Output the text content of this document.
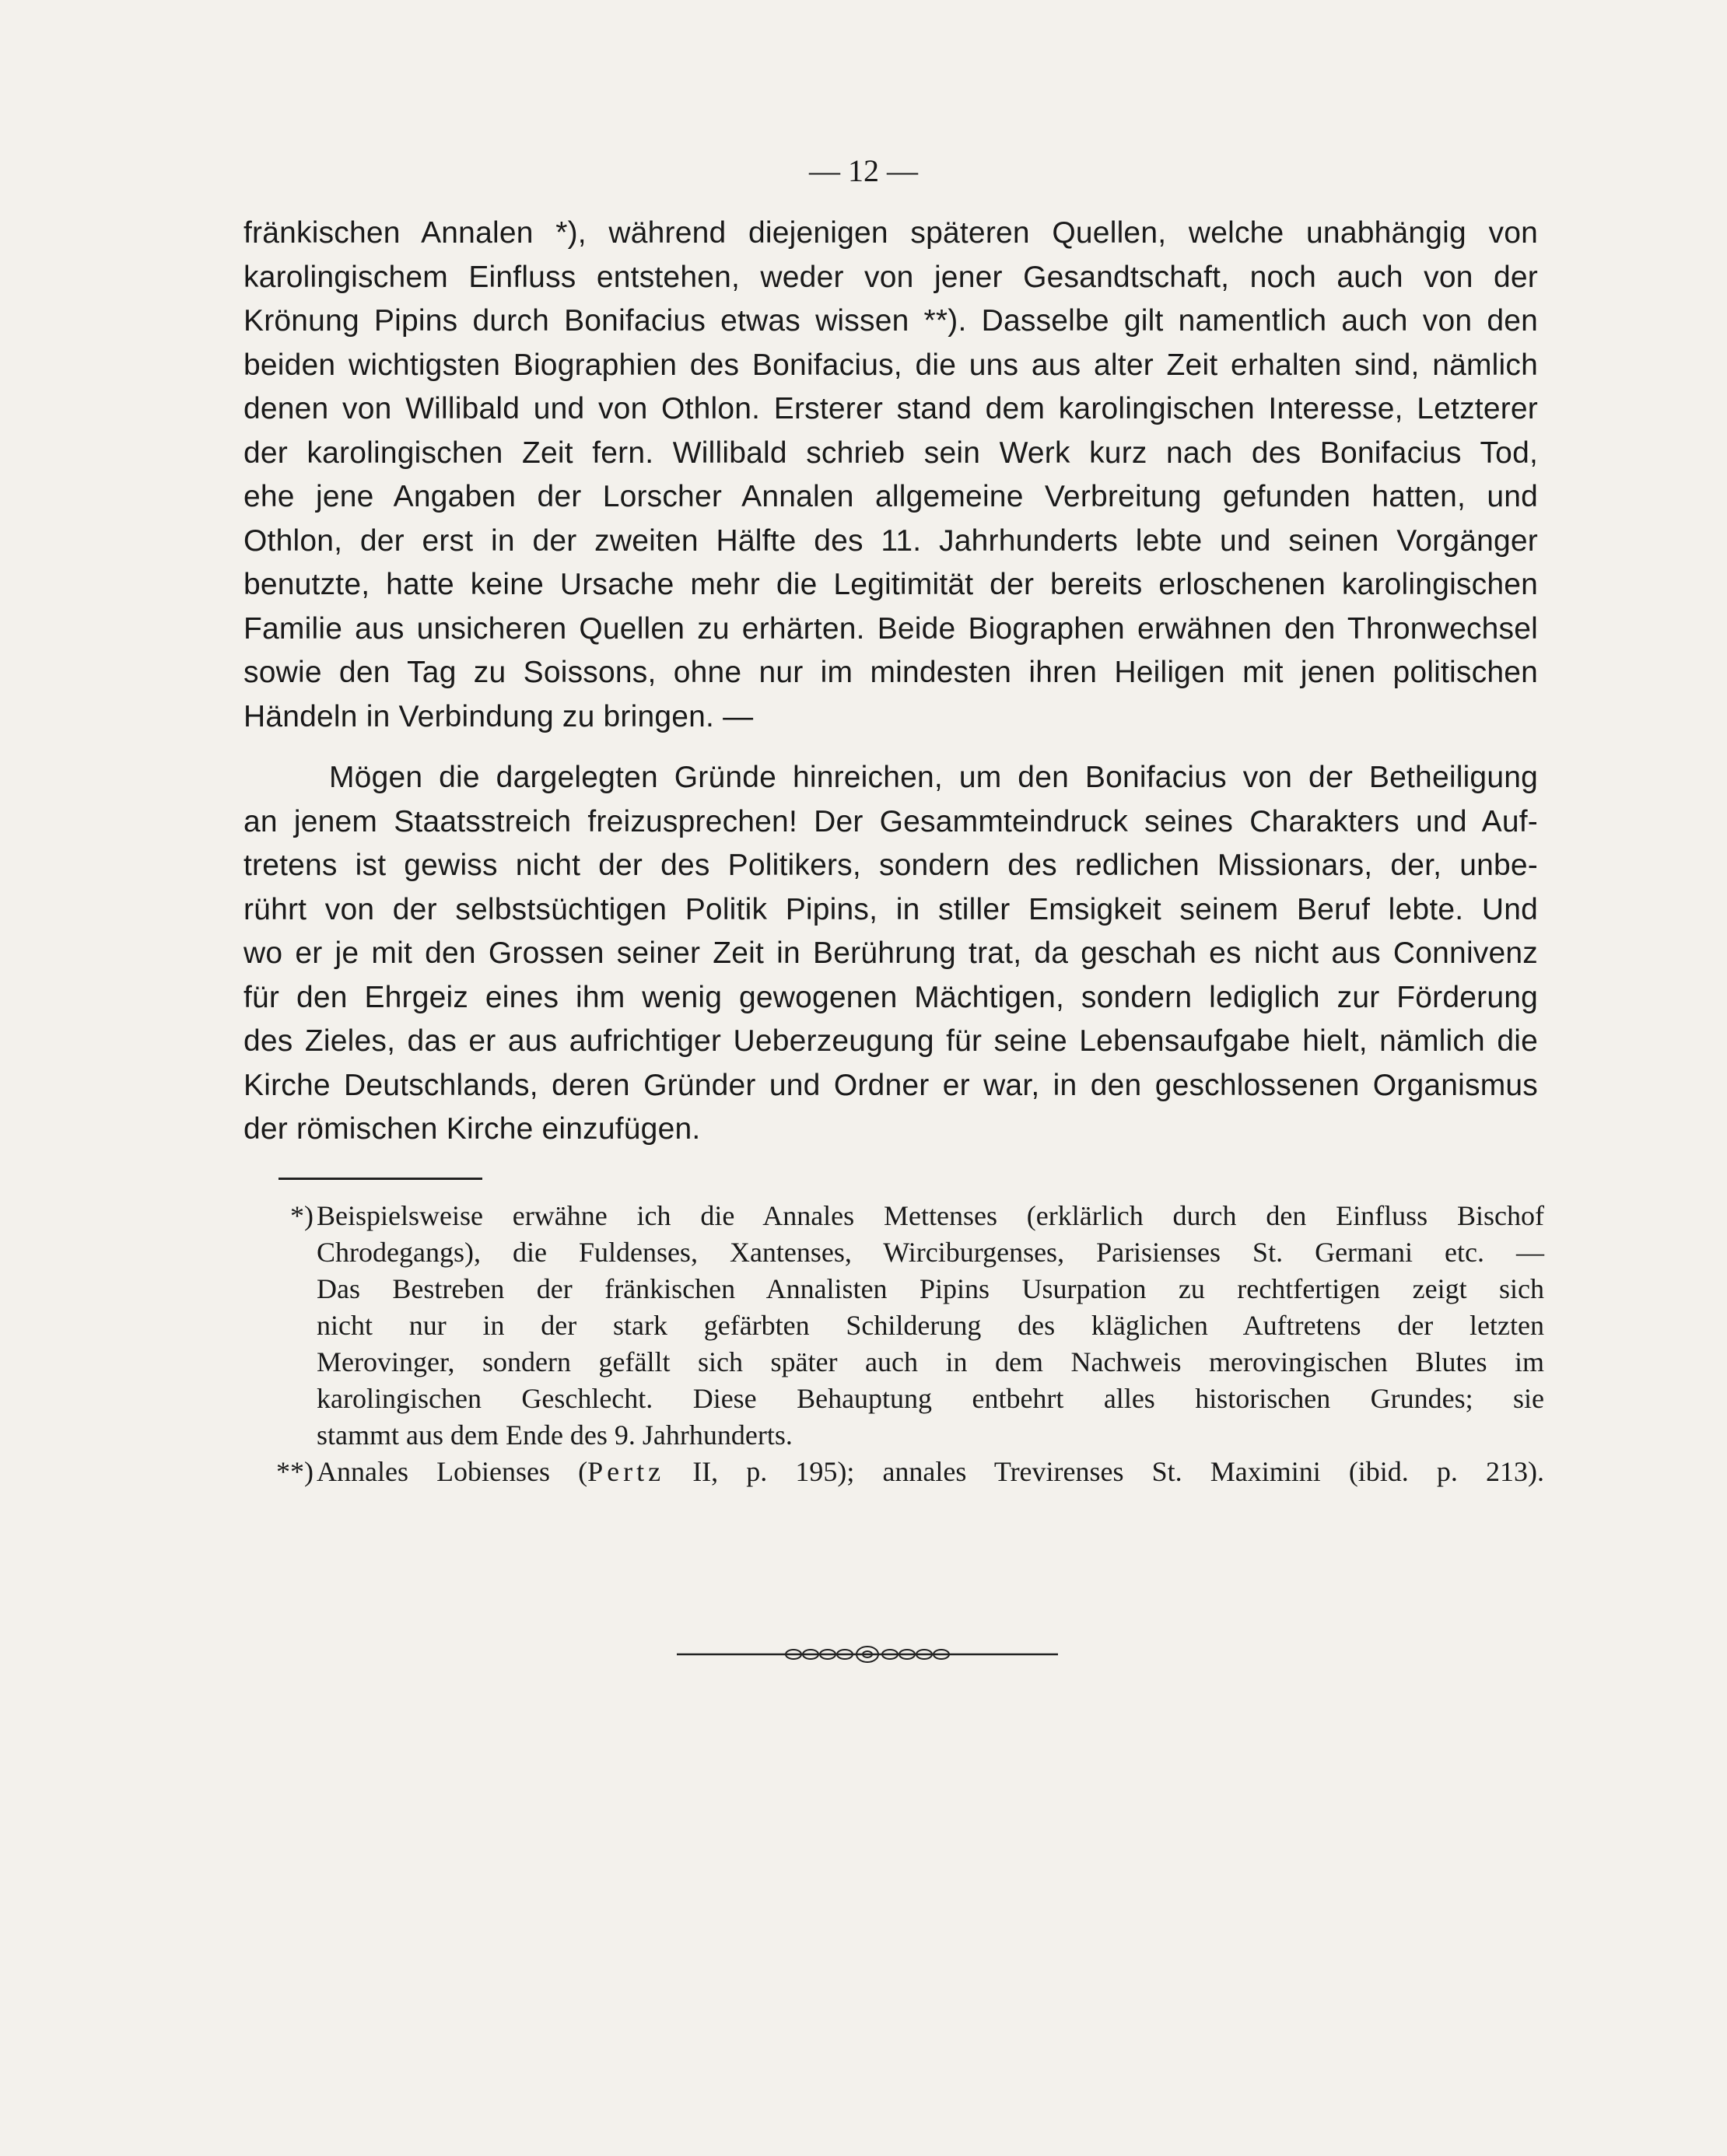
— 12 —
fränkischen Annalen *), während diejenigen späteren Quellen, welche unabhängig von
karolingischem Einfluss entstehen, weder von jener Gesandtschaft, noch auch von der
Krönung Pipins durch Bonifacius etwas wissen **). Dasselbe gilt namentlich auch von den
beiden wichtigsten Biographien des Bonifacius, die uns aus alter Zeit erhalten sind, nämlich
denen von Willibald und von Othlon. Ersterer stand dem karolingischen Interesse, Letzterer
der karolingischen Zeit fern. Willibald schrieb sein Werk kurz nach des Bonifacius Tod,
ehe jene Angaben der Lorscher Annalen allgemeine Verbreitung gefunden hatten, und
Othlon, der erst in der zweiten Hälfte des 11. Jahrhunderts lebte und seinen Vorgänger
benutzte, hatte keine Ursache mehr die Legitimität der bereits erloschenen karolingischen
Familie aus unsicheren Quellen zu erhärten. Beide Biographen erwähnen den Thronwechsel
sowie den Tag zu Soissons, ohne nur im mindesten ihren Heiligen mit jenen politischen
Händeln in Verbindung zu bringen. —
Mögen die dargelegten Gründe hinreichen, um den Bonifacius von der Betheiligung
an jenem Staatsstreich freizusprechen! Der Gesammteindruck seines Charakters und Auf-
tretens ist gewiss nicht der des Politikers, sondern des redlichen Missionars, der, unbe-
rührt von der selbstsüchtigen Politik Pipins, in stiller Emsigkeit seinem Beruf lebte. Und
wo er je mit den Grossen seiner Zeit in Berührung trat, da geschah es nicht aus Connivenz
für den Ehrgeiz eines ihm wenig gewogenen Mächtigen, sondern lediglich zur Förderung
des Zieles, das er aus aufrichtiger Ueberzeugung für seine Lebensaufgabe hielt, nämlich die
Kirche Deutschlands, deren Gründer und Ordner er war, in den geschlossenen Organismus
der römischen Kirche einzufügen.
*) Beispielsweise erwähne ich die Annales Mettenses (erklärlich durch den Einfluss Bischof
Chrodegangs), die Fuldenses, Xantenses, Wirciburgenses, Parisienses St. Germani etc. —
Das Bestreben der fränkischen Annalisten Pipins Usurpation zu rechtfertigen zeigt sich
nicht nur in der stark gefärbten Schilderung des kläglichen Auftretens der letzten
Merovinger, sondern gefällt sich später auch in dem Nachweis merovingischen Blutes im
karolingischen Geschlecht. Diese Behauptung entbehrt alles historischen Grundes; sie
stammt aus dem Ende des 9. Jahrhunderts.
**) Annales Lobienses (Pertz II, p. 195); annales Trevirenses St. Maximini (ibid. p. 213).
